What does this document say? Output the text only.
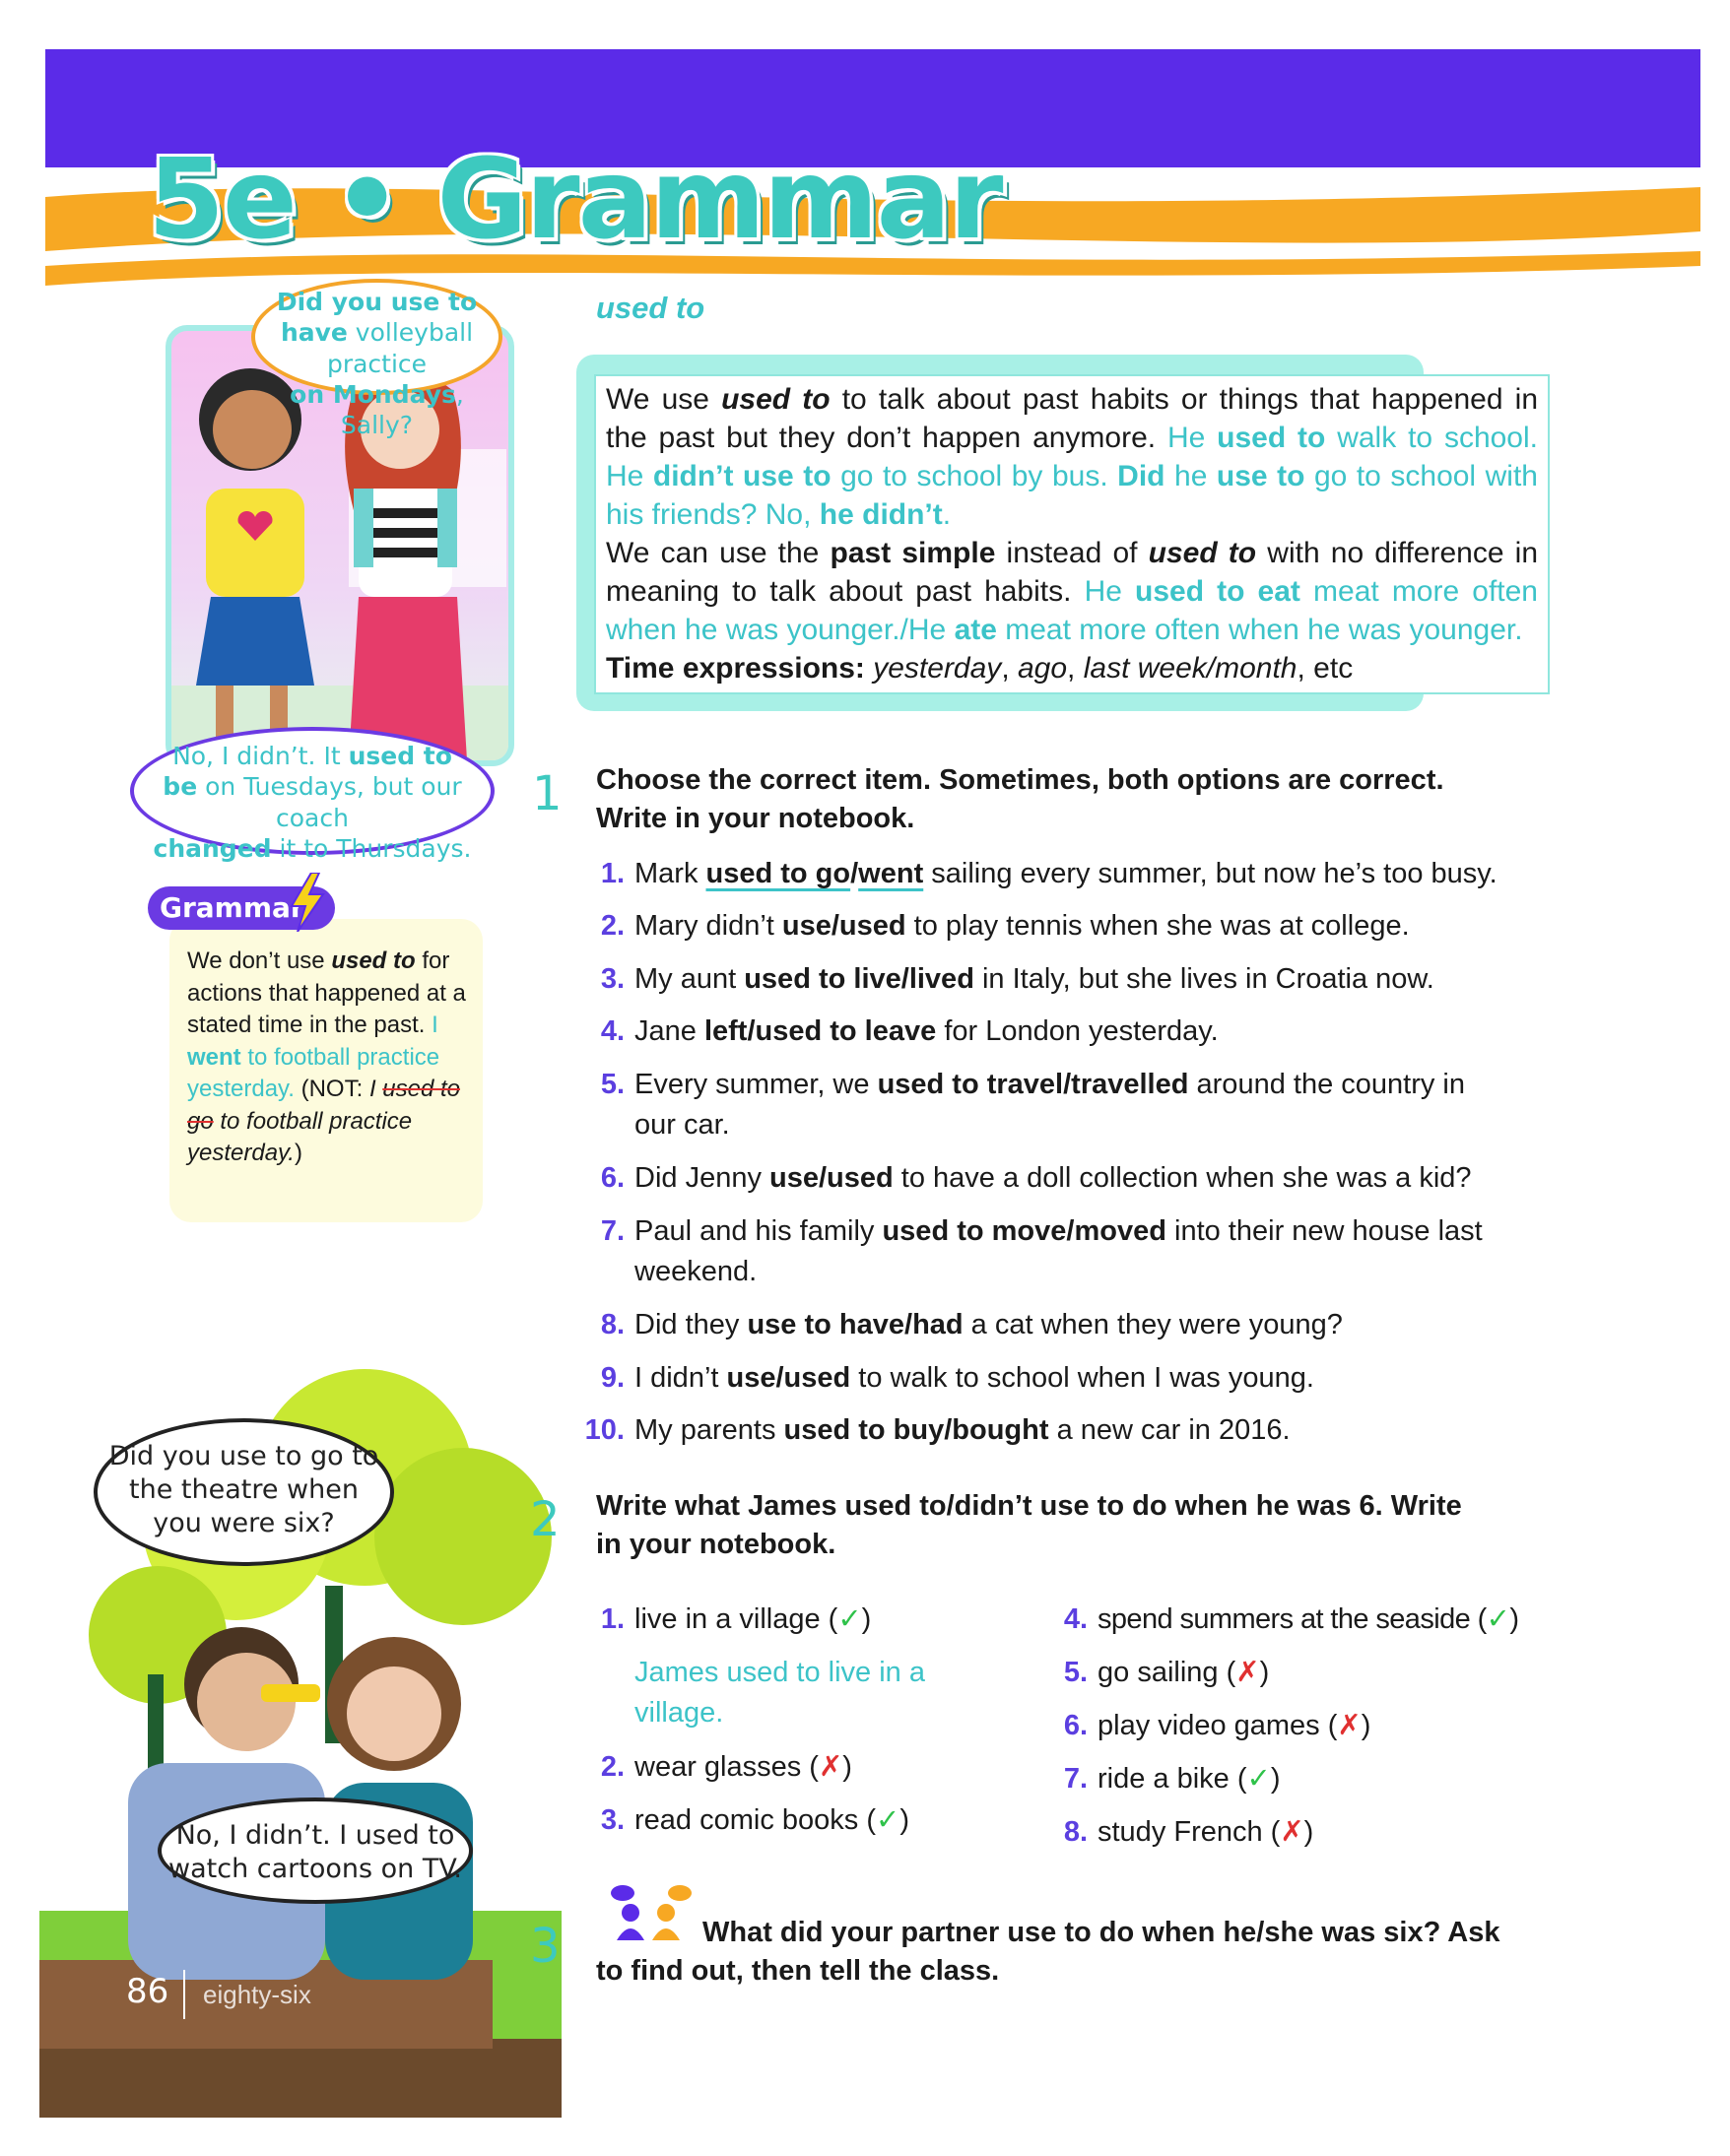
5e • Grammar
Did you use to
have volleyball practice
on Mondays, Sally?
No, I didn’t. It used to
be on Tuesdays, but our coach
changed it to Thursdays.
Grammar
We don’t use used to for actions that happened at a stated time in the past. I went to football practice yesterday. (NOT: I used to go to football practice yesterday.)
Did you use to go to
the theatre when
you were six?
No, I didn’t. I used to
watch cartoons on TV.
86 eighty-six
used to

We use used to to talk about past habits or things that happened in the past but they don’t happen anymore. He used to walk to school. He didn’t use to go to school by bus. Did he use to go to school with his friends? No, he didn’t.

We can use the past simple instead of used to with no difference in meaning to talk about past habits. He used to eat meat more often when he was younger./He ate meat more often when he was younger.

Time expressions: yesterday, ago, last week/month, etc

1 Choose the correct item. Sometimes, both options are correct.
Write in your notebook.
1. Mark used to go/went sailing every summer, but now he’s too busy.
2. Mary didn’t use/used to play tennis when she was at college.
3. My aunt used to live/lived in Italy, but she lives in Croatia now.
4. Jane left/used to leave for London yesterday.
5. Every summer, we used to travel/travelled around the country in
our car.
6. Did Jenny use/used to have a doll collection when she was a kid?
7. Paul and his family used to move/moved into their new house last
weekend.
8. Did they use to have/had a cat when they were young?
9. I didn’t use/used to walk to school when I was young.
10. My parents used to buy/bought a new car in 2016.
2 Write what James used to/didn’t use to do when he was 6. Write
in your notebook.
1. live in a village (✓)
James used to live in a
village.
2. wear glasses (✗)
3. read comic books (✓)
4. spend summers at the seaside (✓)
5. go sailing (✗)
6. play video games (✗)
7. ride a bike (✓)
8. study French (✗)
3	What did your partner use to do when he/she was six? Ask
to find out, then tell the class.
